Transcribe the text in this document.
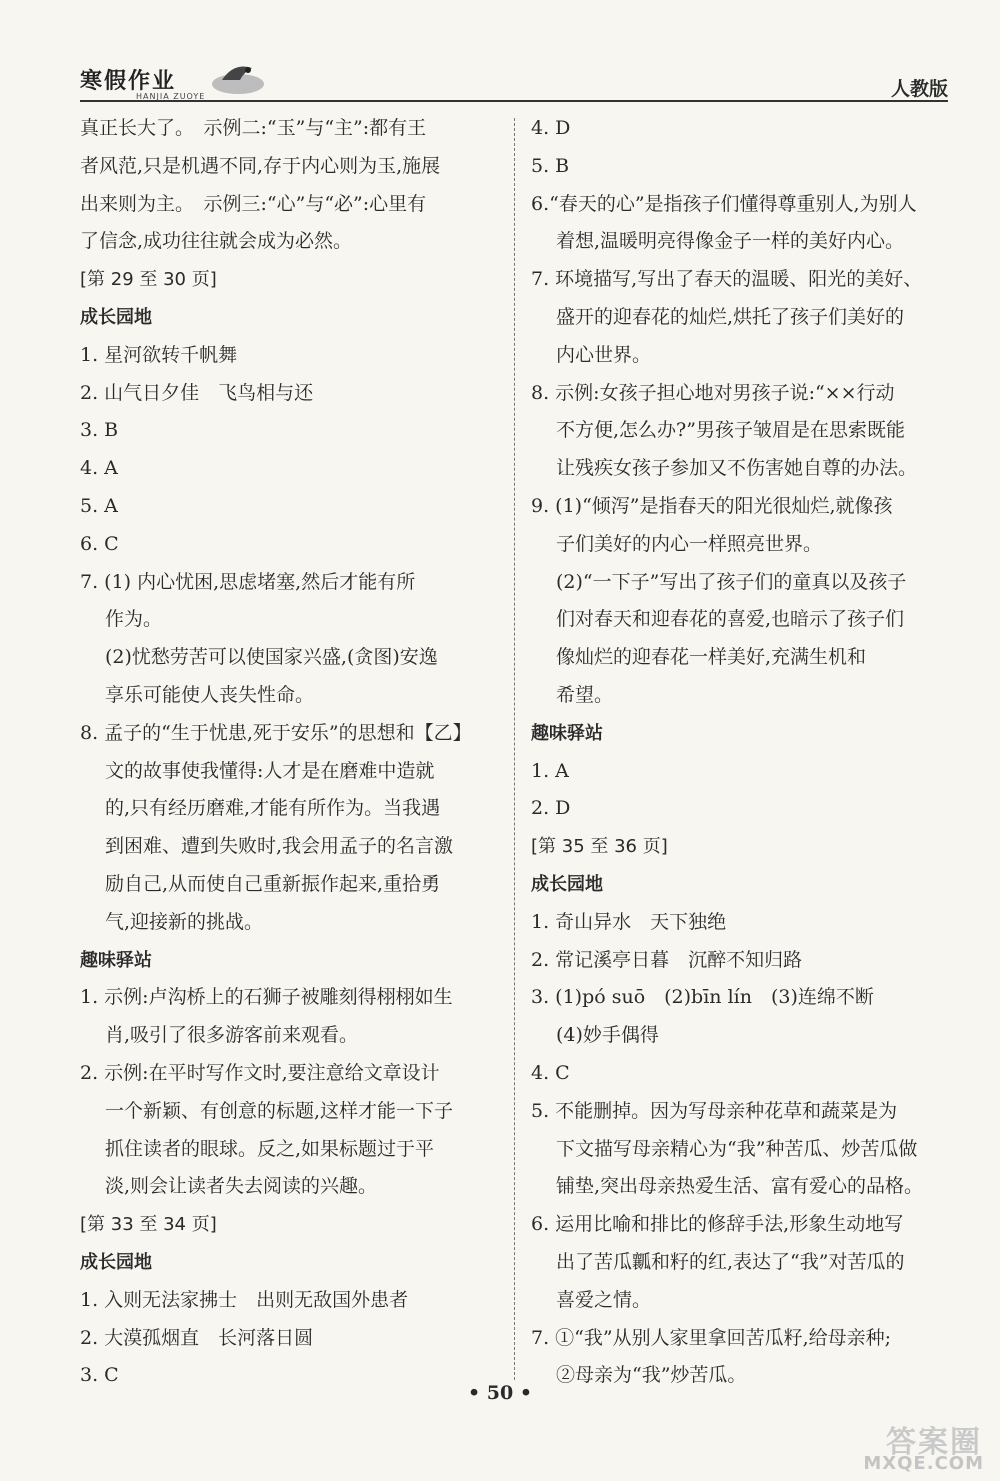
寒假作业
HANJIA ZUOYE	人教版
真正长大了。　示例二:“玉”与“主”:都有王
者风范,只是机遇不同,存于内心则为玉,施展
出来则为主。　示例三:“心”与“必”:心里有
了信念,成功往往就会成为必然。
[第 29 至 30 页]
成长园地
1. 星河欲转千帆舞
2. 山气日夕佳　飞鸟相与还
3. B
4. A
5. A
6. C
7. (1) 内心忧困,思虑堵塞,然后才能有所
作为。
(2)忧愁劳苦可以使国家兴盛,(贪图)安逸
享乐可能使人丧失性命。
8. 孟子的“生于忧患,死于安乐”的思想和【乙】
文的故事使我懂得:人才是在磨难中造就
的,只有经历磨难,才能有所作为。当我遇
到困难、遭到失败时,我会用孟子的名言激
励自己,从而使自己重新振作起来,重拾勇
气,迎接新的挑战。
趣味驿站
1. 示例:卢沟桥上的石狮子被雕刻得栩栩如生
肖,吸引了很多游客前来观看。
2. 示例:在平时写作文时,要注意给文章设计
一个新颖、有创意的标题,这样才能一下子
抓住读者的眼球。反之,如果标题过于平
淡,则会让读者失去阅读的兴趣。
[第 33 至 34 页]
成长园地
1. 入则无法家拂士　出则无敌国外患者
2. 大漠孤烟直　长河落日圆
3. C
4. D
5. B
6.“春天的心”是指孩子们懂得尊重别人,为别人
着想,温暖明亮得像金子一样的美好内心。
7. 环境描写,写出了春天的温暖、阳光的美好、
盛开的迎春花的灿烂,烘托了孩子们美好的
内心世界。
8. 示例:女孩子担心地对男孩子说:“××行动
不方便,怎么办?”男孩子皱眉是在思索既能
让残疾女孩子参加又不伤害她自尊的办法。
9. (1)“倾泻”是指春天的阳光很灿烂,就像孩
子们美好的内心一样照亮世界。
(2)“一下子”写出了孩子们的童真以及孩子
们对春天和迎春花的喜爱,也暗示了孩子们
像灿烂的迎春花一样美好,充满生机和
希望。
趣味驿站
1. A
2. D
[第 35 至 36 页]
成长园地
1. 奇山异水　天下独绝
2. 常记溪亭日暮　沉醉不知归路
3. (1)pó suō　(2)bīn lín　(3)连绵不断
(4)妙手偶得
4. C
5. 不能删掉。因为写母亲种花草和蔬菜是为
下文描写母亲精心为“我”种苦瓜、炒苦瓜做
铺垫,突出母亲热爱生活、富有爱心的品格。
6. 运用比喻和排比的修辞手法,形象生动地写
出了苦瓜瓤和籽的红,表达了“我”对苦瓜的
喜爱之情。
7. ①“我”从别人家里拿回苦瓜籽,给母亲种;
②母亲为“我”炒苦瓜。
• 50 •
答案圈
MXQE.COM
